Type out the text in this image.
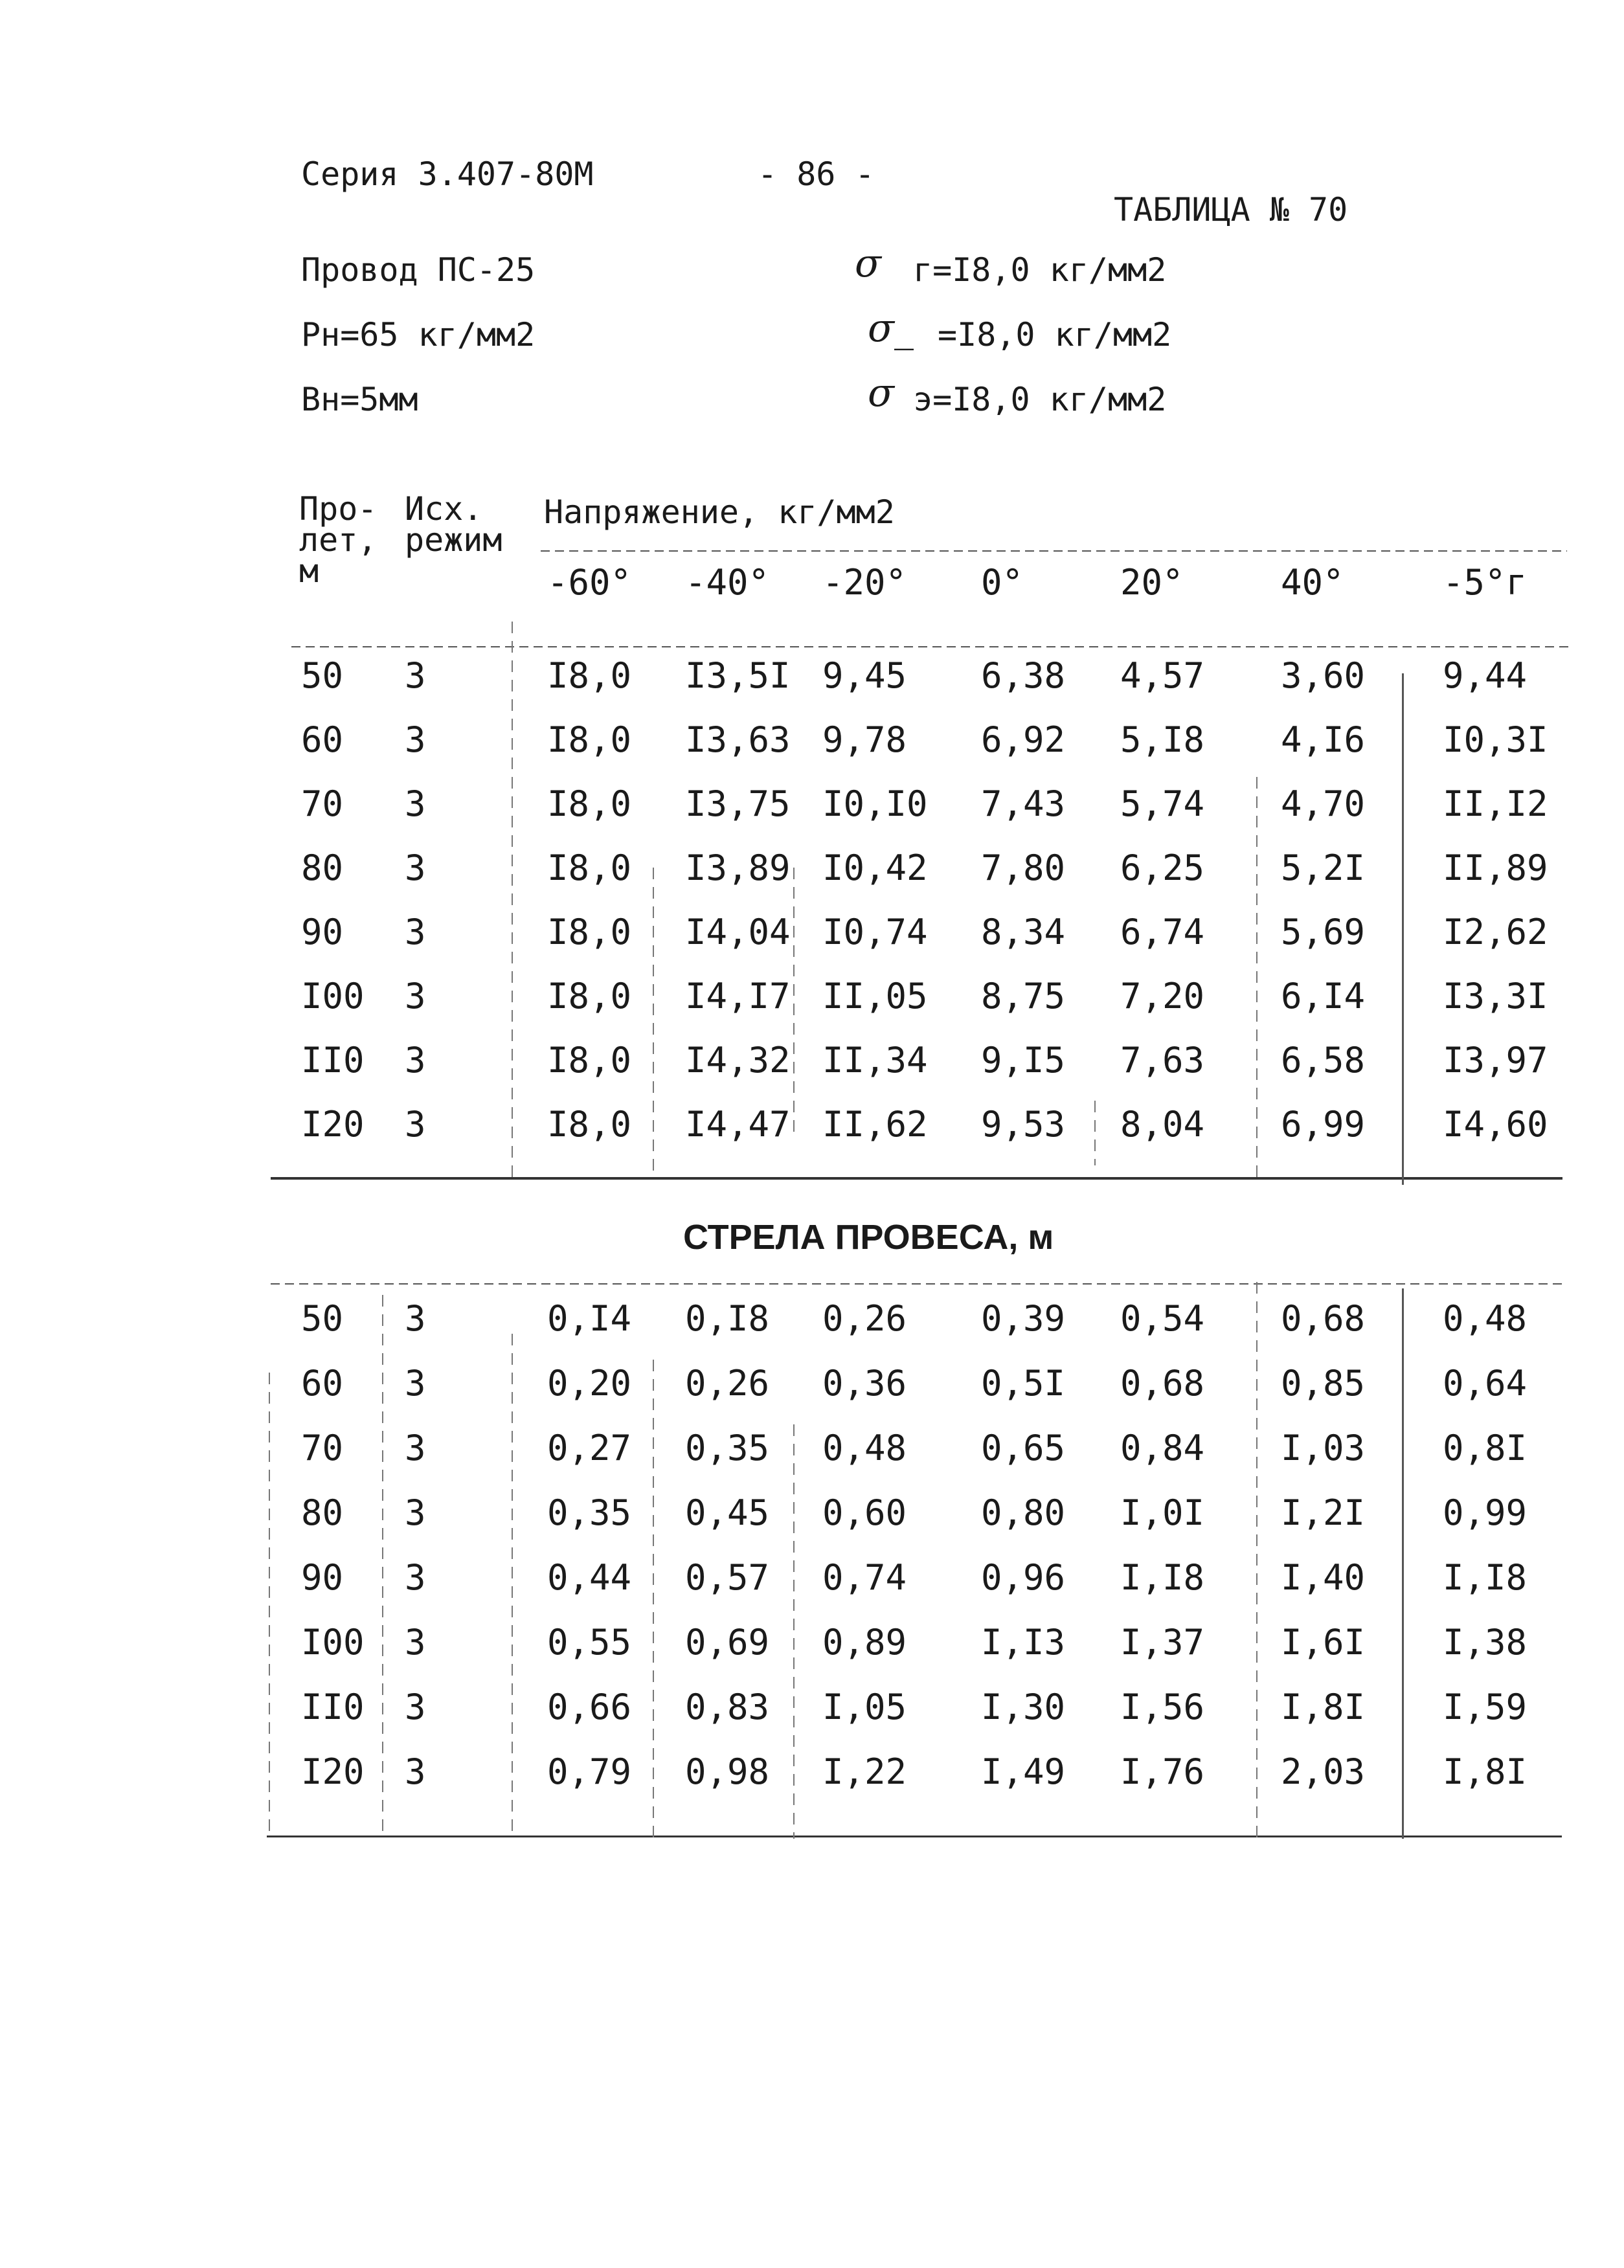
Серия 3.407-80М	- 86 -
ТАБЛИЦА № 70
Провод ПС-25
Рн=65 кг/мм2
Вн=5мм
σ г=I8,0 кг/мм2
σ_ =I8,0 кг/мм2
σ э=I8,0 кг/мм2
Про-
лет,
м
Исх.
режим
Напряжение, кг/мм2
-60° -40° -20° 0°	20°	40°	-5°г
50 3	I8,0 I3,5I 9,45 6,38 4,57 3,60 9,44
60 3	I8,0 I3,63 9,78 6,92 5,I8 4,I6 I0,3I
70 3	I8,0 I3,75 I0,I0 7,43 5,74 4,70 II,I2
80 3	I8,0 I3,89 I0,42 7,80 6,25 5,2I II,89
90 3	I8,0 I4,04 I0,74 8,34 6,74 5,69 I2,62
I00 3	I8,0 I4,I7 II,05 8,75 7,20 6,I4 I3,3I
II0 3	I8,0 I4,32 II,34 9,I5 7,63 6,58 I3,97
I20 3	I8,0 I4,47 II,62 9,53 8,04 6,99 I4,60
СТРЕЛА ПРОВЕСА, м
50 3	0,I4 0,I8 0,26 0,39 0,54 0,68 0,48
60 3	0,20 0,26 0,36 0,5I 0,68 0,85 0,64
70 3	0,27 0,35 0,48 0,65 0,84 I,03 0,8I
80 3	0,35 0,45 0,60 0,80 I,0I I,2I 0,99
90 3	0,44 0,57 0,74 0,96 I,I8 I,40 I,I8
I00 3	0,55 0,69 0,89 I,I3 I,37 I,6I I,38
II0 3	0,66 0,83 I,05 I,30 I,56 I,8I I,59
I20 3	0,79 0,98 I,22 I,49 I,76 2,03 I,8I
